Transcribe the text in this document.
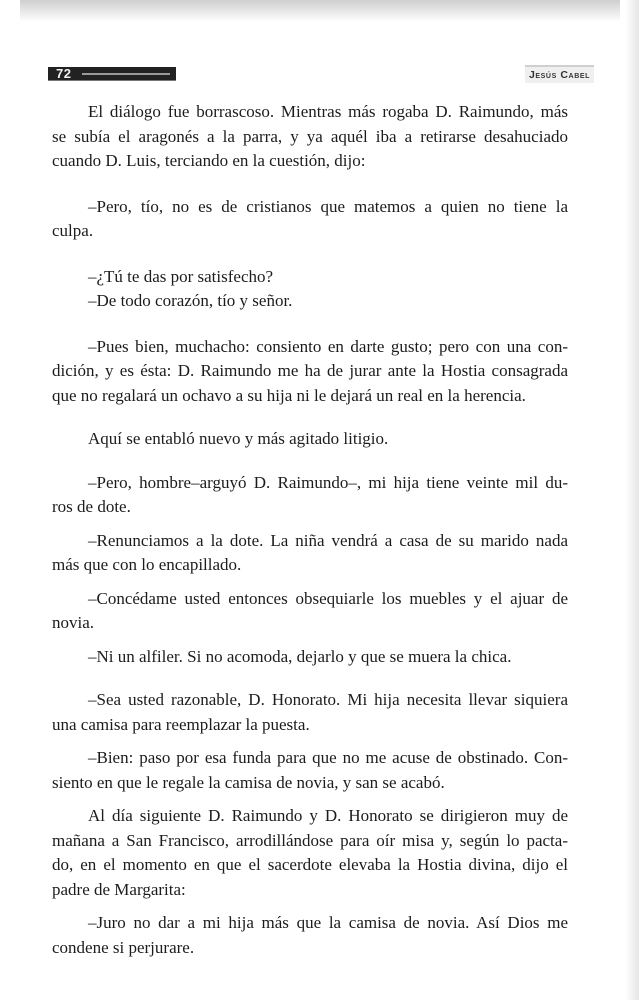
72	Jesús Cabel

El diálogo fue borrascoso. Mientras más rogaba D. Raimundo, más
se subía el aragonés a la parra, y ya aquél iba a retirarse desahuciado
cuando D. Luis, terciando en la cuestión, dijo:

–Pero, tío, no es de cristianos que matemos a quien no tiene la
culpa.

–¿Tú te das por satisfecho?

–De todo corazón, tío y señor.

–Pues bien, muchacho: consiento en darte gusto; pero con una con-
dición, y es ésta: D. Raimundo me ha de jurar ante la Hostia consagrada
que no regalará un ochavo a su hija ni le dejará un real en la herencia.

Aquí se entabló nuevo y más agitado litigio.

–Pero, hombre–arguyó D. Raimundo–, mi hija tiene veinte mil du-
ros de dote.

–Renunciamos a la dote. La niña vendrá a casa de su marido nada
más que con lo encapillado.

–Concédame usted entonces obsequiarle los muebles y el ajuar de
novia.

–Ni un alfiler. Si no acomoda, dejarlo y que se muera la chica.

–Sea usted razonable, D. Honorato. Mi hija necesita llevar siquiera
una camisa para reemplazar la puesta.

–Bien: paso por esa funda para que no me acuse de obstinado. Con-
siento en que le regale la camisa de novia, y san se acabó.

Al día siguiente D. Raimundo y D. Honorato se dirigieron muy de
mañana a San Francisco, arrodillándose para oír misa y, según lo pacta-
do, en el momento en que el sacerdote elevaba la Hostia divina, dijo el
padre de Margarita:

–Juro no dar a mi hija más que la camisa de novia. Así Dios me
condene si perjurare.
